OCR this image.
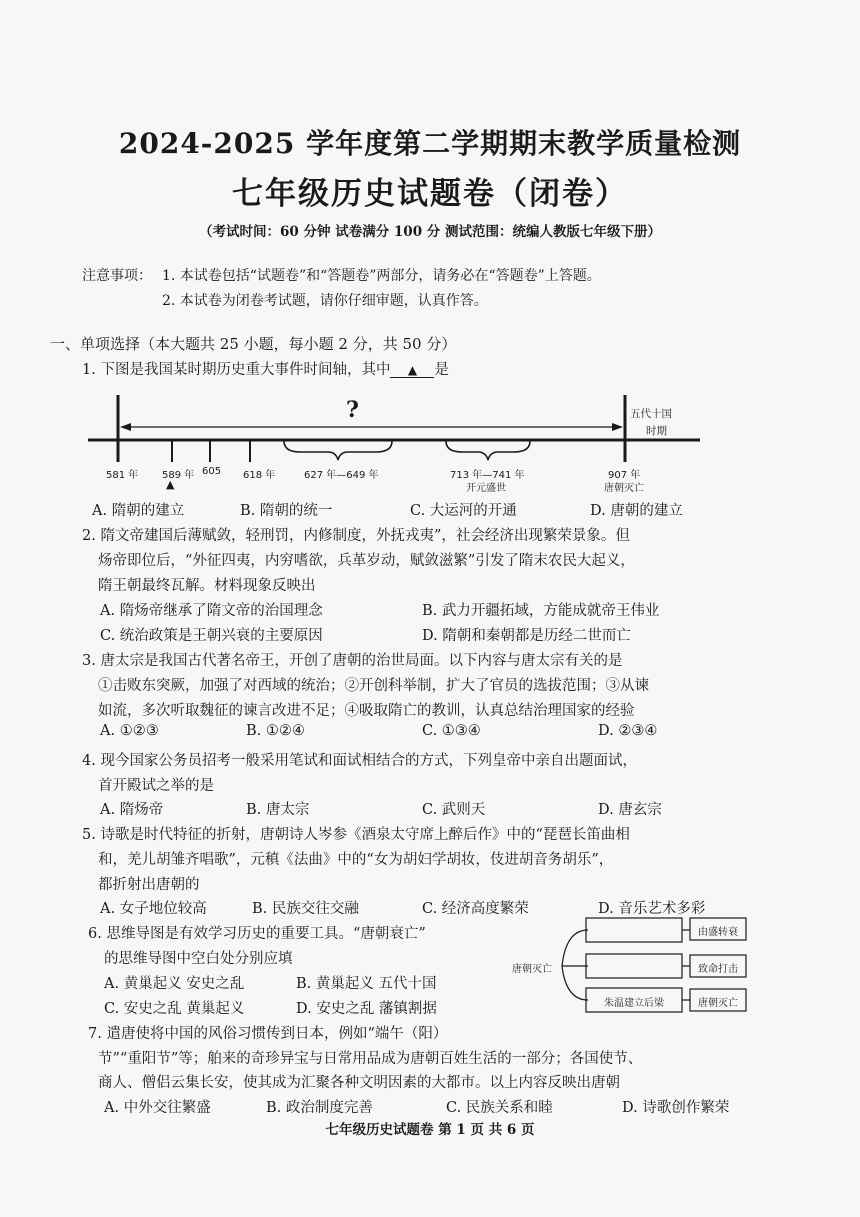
2024-2025 学年度第二学期期末教学质量检测
七年级历史试题卷（闭卷）
（考试时间：60 分钟 试卷满分 100 分 测试范围：统编人教版七年级下册）
注意事项： 1. 本试卷包括“试题卷”和“答题卷”两部分，请务必在“答题卷”上答题。
2. 本试卷为闭卷考试题，请你仔细审题，认真作答。
一、单项选择（本大题共 25 小题，每小题 2 分，共 50 分）
1. 下图是我国某时期历史重大事件时间轴，其中 ▲ 是
?	五代十国
时期
581 年 589 年
▲
605 618 年	627 年—649 年	713 年—741 年
开元盛世
907 年
唐朝灭亡
A. 隋朝的建立	B. 隋朝的统一	C. 大运河的开通	D. 唐朝的建立
2. 隋文帝建国后薄赋敛，轻刑罚，内修制度，外抚戎夷”，社会经济出现繁荣景象。但
炀帝即位后，“外征四夷，内穷嗜欲，兵革岁动，赋敛滋繁”引发了隋末农民大起义，
隋王朝最终瓦解。材料现象反映出
A. 隋炀帝继承了隋文帝的治国理念	B. 武力开疆拓域，方能成就帝王伟业
C. 统治政策是王朝兴衰的主要原因	D. 隋朝和秦朝都是历经二世而亡
3. 唐太宗是我国古代著名帝王，开创了唐朝的治世局面。以下内容与唐太宗有关的是
①击败东突厥，加强了对西域的统治；②开创科举制，扩大了官员的选拔范围；③从谏
如流，多次听取魏征的谏言改进不足；④吸取隋亡的教训，认真总结治理国家的经验
A. ①②③	B. ①②④	C. ①③④	D. ②③④
4. 现今国家公务员招考一般采用笔试和面试相结合的方式，下列皇帝中亲自出题面试，
首开殿试之举的是
A. 隋炀帝	B. 唐太宗	C. 武则天	D. 唐玄宗
5. 诗歌是时代特征的折射，唐朝诗人岑参《酒泉太守席上醉后作》中的“琵琶长笛曲相
和，羌儿胡雏齐唱歌”，元稹《法曲》中的“女为胡妇学胡妆，伎进胡音务胡乐”，
都折射出唐朝的
A. 女子地位较高	B. 民族交往交融	C. 经济高度繁荣	D. 音乐艺术多彩
6. 思维导图是有效学习历史的重要工具。“唐朝衰亡”
的思维导图中空白处分别应填
A. 黄巢起义 安史之乱	B. 黄巢起义 五代十国
C. 安史之乱 黄巢起义	D. 安史之乱 藩镇割据
唐朝灭亡
由盛转衰
致命打击
朱温建立后梁	唐朝灭亡
7. 遣唐使将中国的风俗习惯传到日本，例如“端午（阳）
节”“重阳节”等；舶来的奇珍异宝与日常用品成为唐朝百姓生活的一部分；各国使节、
商人、僧侣云集长安，使其成为汇聚各种文明因素的大都市。以上内容反映出唐朝
A. 中外交往繁盛	B. 政治制度完善	C. 民族关系和睦	D. 诗歌创作繁荣
七年级历史试题卷 第 1 页 共 6 页
